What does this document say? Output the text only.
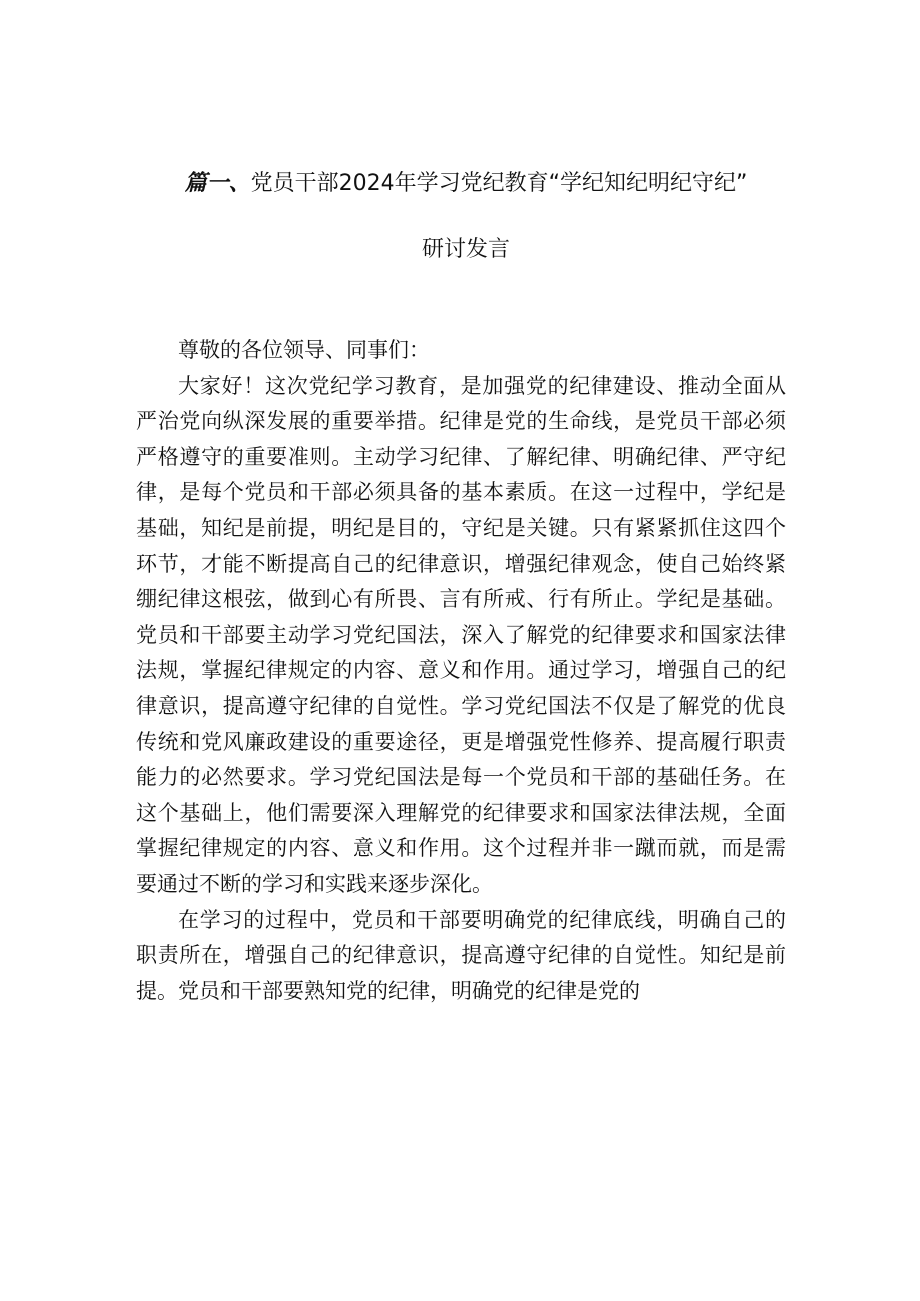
篇一、党员干部2024年学习党纪教育“学纪知纪明纪守纪”
研讨发言

尊敬的各位领导、同事们：

大家好！这次党纪学习教育，是加强党的纪律建设、推动全面从严治党向纵深发展的重要举措。纪律是党的生命线，是党员干部必须严格遵守的重要准则。主动学习纪律、了解纪律、明确纪律、严守纪律，是每个党员和干部必须具备的基本素质。在这一过程中，学纪是基础，知纪是前提，明纪是目的，守纪是关键。只有紧紧抓住这四个环节，才能不断提高自己的纪律意识，增强纪律观念，使自己始终紧绷纪律这根弦，做到心有所畏、言有所戒、行有所止。学纪是基础。党员和干部要主动学习党纪国法，深入了解党的纪律要求和国家法律法规，掌握纪律规定的内容、意义和作用。通过学习，增强自己的纪律意识，提高遵守纪律的自觉性。学习党纪国法不仅是了解党的优良传统和党风廉政建设的重要途径，更是增强党性修养、提高履行职责能力的必然要求。学习党纪国法是每一个党员和干部的基础任务。在这个基础上，他们需要深入理解党的纪律要求和国家法律法规，全面掌握纪律规定的内容、意义和作用。这个过程并非一蹴而就，而是需要通过不断的学习和实践来逐步深化。

在学习的过程中，党员和干部要明确党的纪律底线，明确自己的职责所在，增强自己的纪律意识，提高遵守纪律的自觉性。知纪是前提。党员和干部要熟知党的纪律，明确党的纪律是党的
